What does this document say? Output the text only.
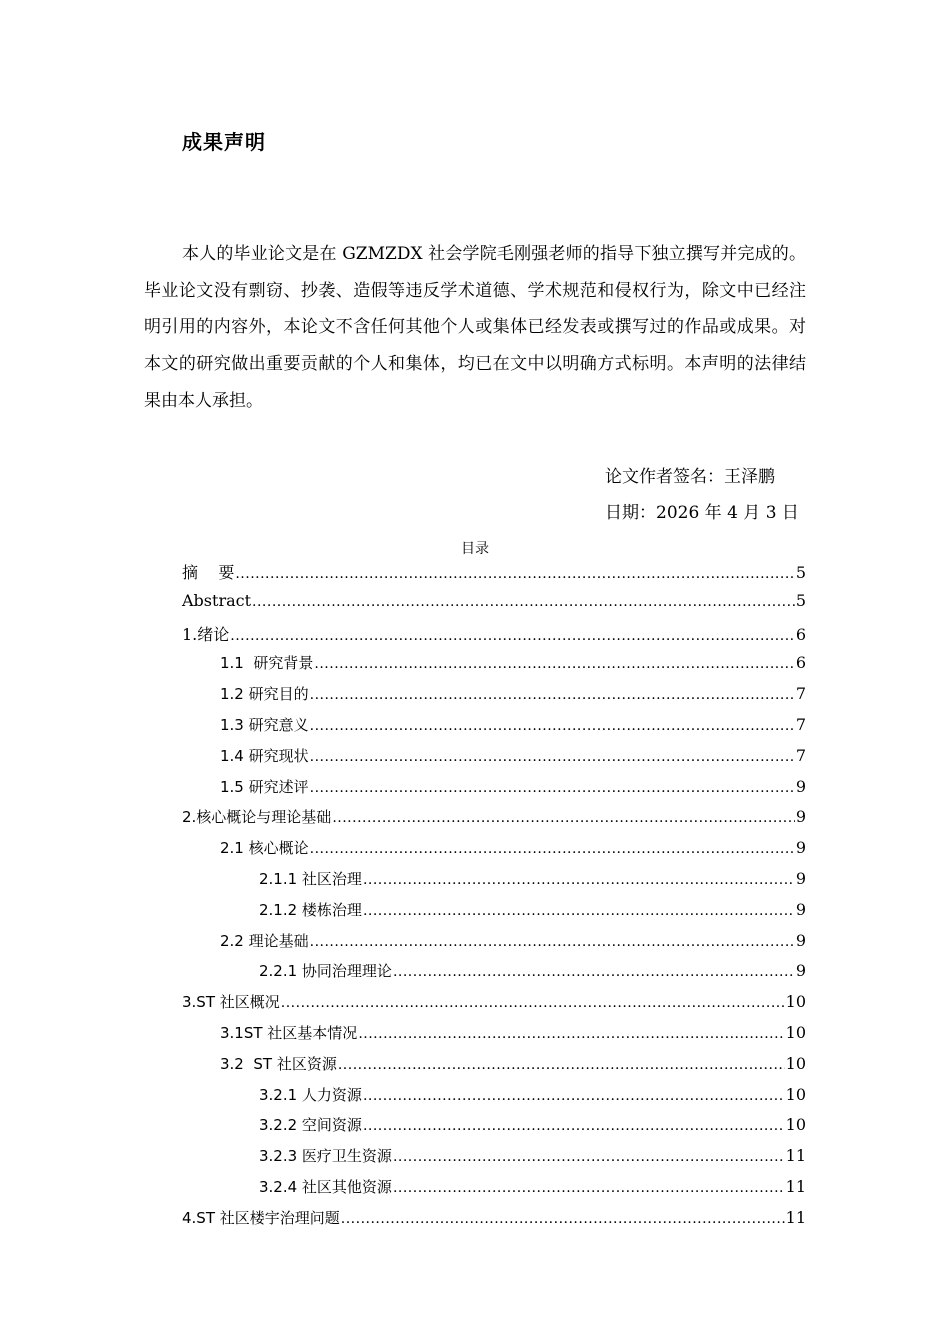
成果声明
本人的毕业论文是在 GZMZDX 社会学院毛刚强老师的指导下独立撰写并完成的。毕业论文没有剽窃、抄袭、造假等违反学术道德、学术规范和侵权行为，除文中已经注明引用的内容外，本论文不含任何其他个人或集体已经发表或撰写过的作品或成果。对本文的研究做出重要贡献的个人和集体，均已在文中以明确方式标明。本声明的法律结果由本人承担。
论文作者签名：王泽鹏
日期：2026 年 4 月 3 日
目录
摘    要 .....	5
Abstract .....	5
1.绪论 .....	6
1.1  研究背景 .....	6
1.2 研究目的 .....	7
1.3 研究意义 .....	7
1.4 研究现状 .....	7
1.5 研究述评 .....	9
2.核心概论与理论基础 .....	9
2.1 核心概论 .....	9
2.1.1 社区治理 .....	9
2.1.2 楼栋治理 .....	9
2.2 理论基础 .....	9
2.2.1 协同治理理论 .....	9
3.ST 社区概况 .....	10
3.1ST 社区基本情况 .....	10
3.2  ST 社区资源 .....	10
3.2.1 人力资源 .....	10
3.2.2 空间资源 .....	10
3.2.3 医疗卫生资源 .....	11
3.2.4 社区其他资源 .....	11
4.ST 社区楼宇治理问题 .....	11
